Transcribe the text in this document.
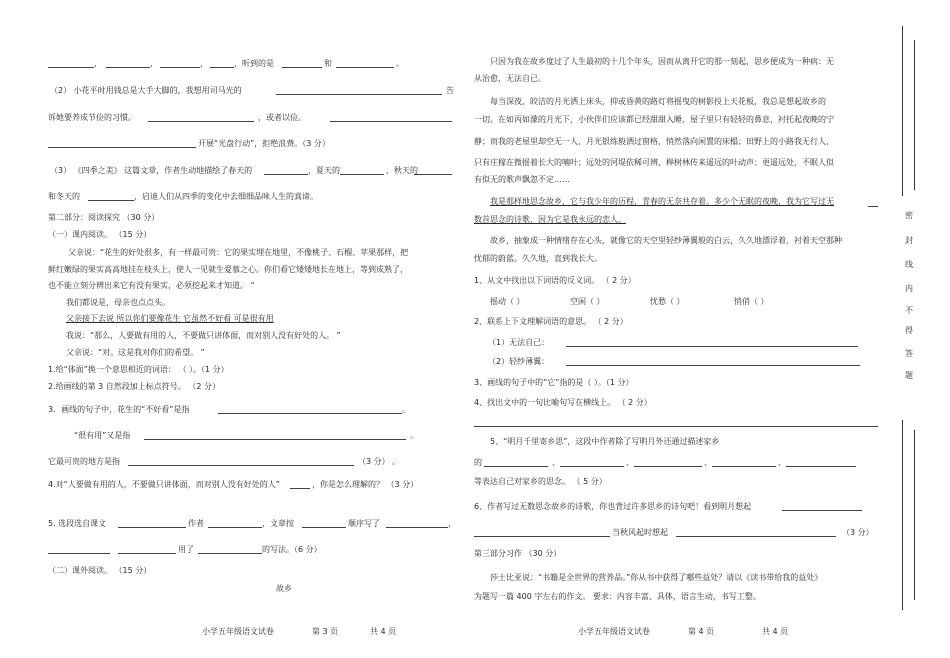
，	，	，	，听到的是	和	。
（2） 小花平时用钱总是大手大脚的，我想用司马光的	告
诉她要养成节俭的习惯。	，或者以俭。
开展“光盘行动”，拒绝浪费。（3 分）
（3） 《四季之美》 这篇文章，作者生动地描绘了春天的	，夏天的	，秋天的
和冬天的	，启迪人们从四季的变化中去细细品味人生的真谛。
第二部分：阅读探究 （30 分）
（一）课内阅读。 （15 分）
父亲说：“花生的好处很多，有一样最可贵：它的果实埋在地里，不像桃子、石榴、苹果那样，把
鲜红嫩绿的果实高高地挂在枝头上，使人一见就生爱慕之心。你们看它矮矮地长在地上，等到成熟了，
也不能立刻分辨出来它有没有果实，必须挖起来才知道。 “
我们都说是，母亲也点点头。
父亲接下去说 所以你们要像花生 它虽然不好看 可是很有用
我说：“那么，人要做有用的人，不要做只讲体面，而对别人没有好处的人。 ”
父亲说：“对。这是我对你们的希望。 ”
1.给“体面”换一个意思相近的词语： （ ）。（1 分）
2.给画线的第 3 自然段加上标点符号。 （2 分）
3．画线的句子中，花生的“不好看”是指	。
“很有用”又是指	。
它最可贵的地方是指	（3 分） 。
4.对“人要做有用的人，不要做只讲体面，而对别人没有好处的人”	，你是怎么理解的？ （3 分）
5. 选段选自课文	作者	，文章按	顺序写了	，
用了	的写法。（6 分）
（二）课外阅读。 （15 分）
故乡
小学五年级语文试卷	第 3 页	共 4 页
只因为我在故乡度过了人生最初的十几个年头，因而从离开它的那一刻起，思乡便成为一种病：无
从治愈，无法自已。
每当深夜，皎洁的月光洒上床头，抑或昏黄的路灯将摇曳的树影投上天花板，我总是想起故乡的
一切。在如丙如濛的月光下，小伙伴们应该都已经甜甜入睡，屋子里只有轻轻的鼻息，衬托起夜晚的宁
静；而我的老屋里却空无一人，月光银练般洒过窗格，悄然落向闲置的床榻；田野上的小路我无行人，
只有庄稼在微摇着长大的喃叶；远处的河堤依稀可辨，榉树林传来遥远的叶动声；更遥远处，不眠人似
有似无的歌声飘忽不定……
我是那样地思念故乡，它与我少年的历程，青春的无奈共存着。多少个无眠的夜晚，我为它写过无
数首思念的诗歌，因为它是我永远的恋人。
故乡，抽象成一种情绪存在心头，就像它的天空里轻纱薄翼般的白云，久久地漂浮着，衬着天空那种
忧郁的蔚蓝。久久地，直到我长大。
1、从文中找出以下词语的反义词。 （ 2 分）
摇动（ ）	空闲（ ）	忧愁（ ）	悄俏（ ）
2、联系上下文理解词语的意思。 （ 2 分）
（1）无法自己：
（2）轻纱薄翼：
3、画线的句子中的“它”指的是（ ）。（1 分）
4、找出文中的一句比喻句写在横线上。 （ 2 分）
5、“明月千里寄乡思”，这段中作者除了写明月外还通过描述家乡
的	、	、	、	、
等表达自己对家乡的思念。 （ 5 分）
6、作者写过无数思念故乡的诗歌，你也背过许多思乡的诗句吧！看到明月想起
当秋风起时想起	（3 分）
第三部分习作 （30 分）
莎士比亚说：“书籍是全世界的营养品。”你从书中获得了哪些益处？请以《读书带给我的益处》
为题写一篇 400 字左右的作文。 要求：内容丰富、具体，语言生动，书写工整。
小学五年级语文试卷	第 4 页	共 4 页
密
封
线
内
不
得
答
题
